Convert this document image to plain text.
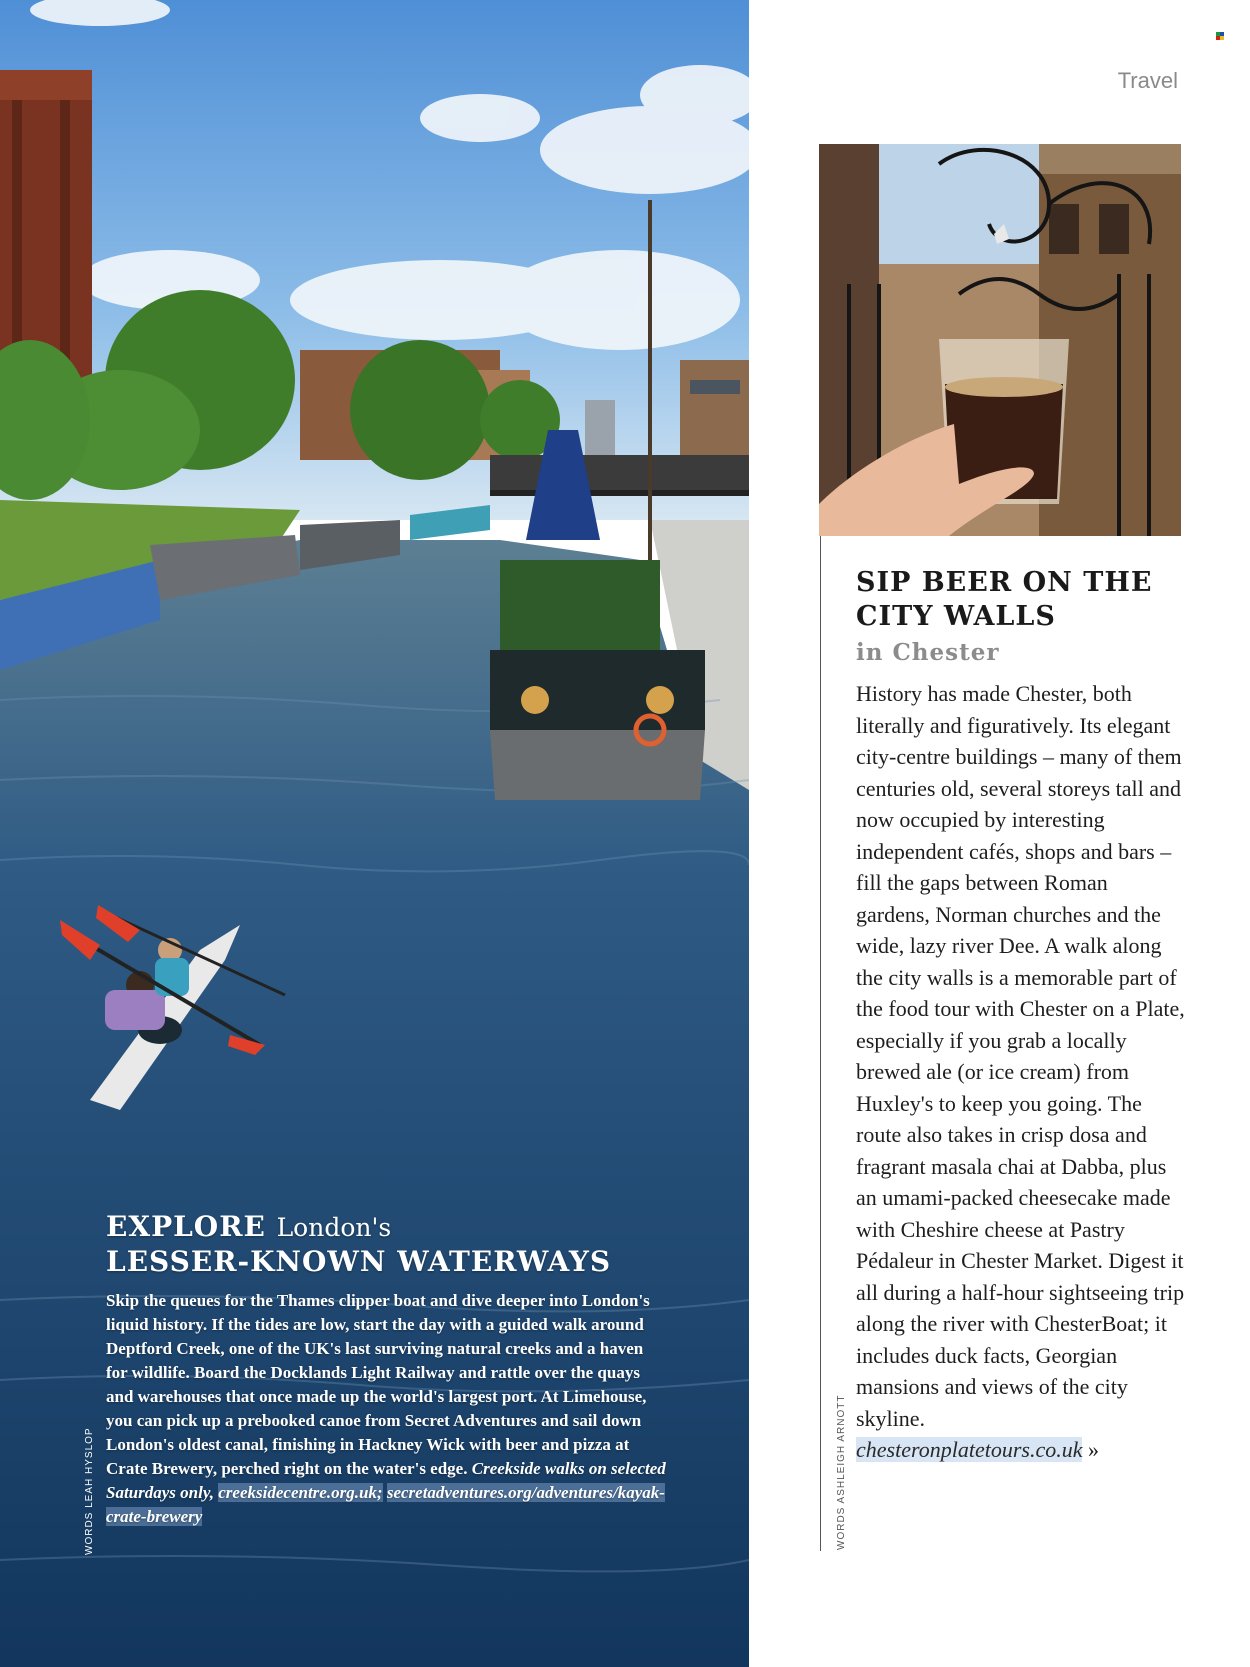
EXPLORE London's
LESSER-KNOWN WATERWAYS

Skip the queues for the Thames clipper boat and dive deeper into London's liquid history. If the tides are low, start the day with a guided walk around Deptford Creek, one of the UK's last surviving natural creeks and a haven for wildlife. Board the Docklands Light Railway and rattle over the quays and warehouses that once made up the world's largest port. At Limehouse, you can pick up a prebooked canoe from Secret Adventures and sail down London's oldest canal, finishing in Hackney Wick with beer and pizza at Crate Brewery, perched right on the water's edge. Creekside walks on selected Saturdays only, creeksidecentre.org.uk; secretadventures.org/adventures/kayak-crate-brewery

WORDS LEAH HYSLOP
Travel
SIP BEER ON THE CITY WALLS
in Chester

History has made Chester, both literally and figuratively. Its elegant city-centre buildings – many of them centuries old, several storeys tall and now occupied by interesting independent cafés, shops and bars – fill the gaps between Roman gardens, Norman churches and the wide, lazy river Dee. A walk along the city walls is a memorable part of the food tour with Chester on a Plate, especially if you grab a locally brewed ale (or ice cream) from Huxley's to keep you going. The route also takes in crisp dosa and fragrant masala chai at Dabba, plus an umami-packed cheesecake made with Cheshire cheese at Pastry Pédaleur in Chester Market. Digest it all during a half-hour sightseeing trip along the river with ChesterBoat; it includes duck facts, Georgian mansions and views of the city skyline.
chesteronplatetours.co.uk »

WORDS ASHLEIGH ARNOTT
